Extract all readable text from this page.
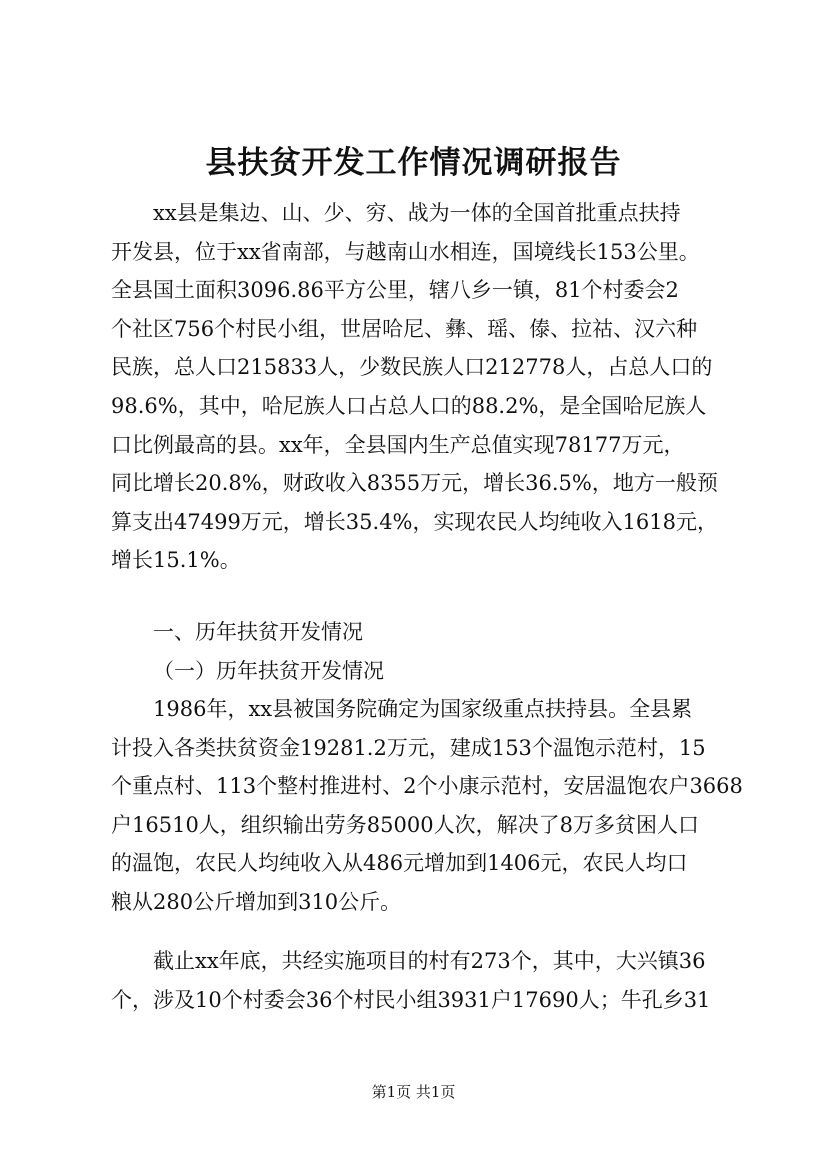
县扶贫开发工作情况调研报告
xx县是集边、山、少、穷、战为一体的全国首批重点扶持
开发县，位于xx省南部，与越南山水相连，国境线长153公里。
全县国土面积3096.86平方公里，辖八乡一镇，81个村委会2
个社区756个村民小组，世居哈尼、彝、瑶、傣、拉祜、汉六种
民族，总人口215833人，少数民族人口212778人，占总人口的
98.6%，其中，哈尼族人口占总人口的88.2%，是全国哈尼族人
口比例最高的县。xx年，全县国内生产总值实现78177万元，
同比增长20.8%，财政收入8355万元，增长36.5%，地方一般预
算支出47499万元，增长35.4%，实现农民人均纯收入1618元，
增长15.1%。
一、历年扶贫开发情况
（一）历年扶贫开发情况
1986年，xx县被国务院确定为国家级重点扶持县。全县累
计投入各类扶贫资金19281.2万元，建成153个温饱示范村，15
个重点村、113个整村推进村、2个小康示范村，安居温饱农户3668
户16510人，组织输出劳务85000人次，解决了8万多贫困人口
的温饱，农民人均纯收入从486元增加到1406元，农民人均口
粮从280公斤增加到310公斤。
截止xx年底，共经实施项目的村有273个，其中，大兴镇36
个，涉及10个村委会36个村民小组3931户17690人；牛孔乡31
第1页 共1页
